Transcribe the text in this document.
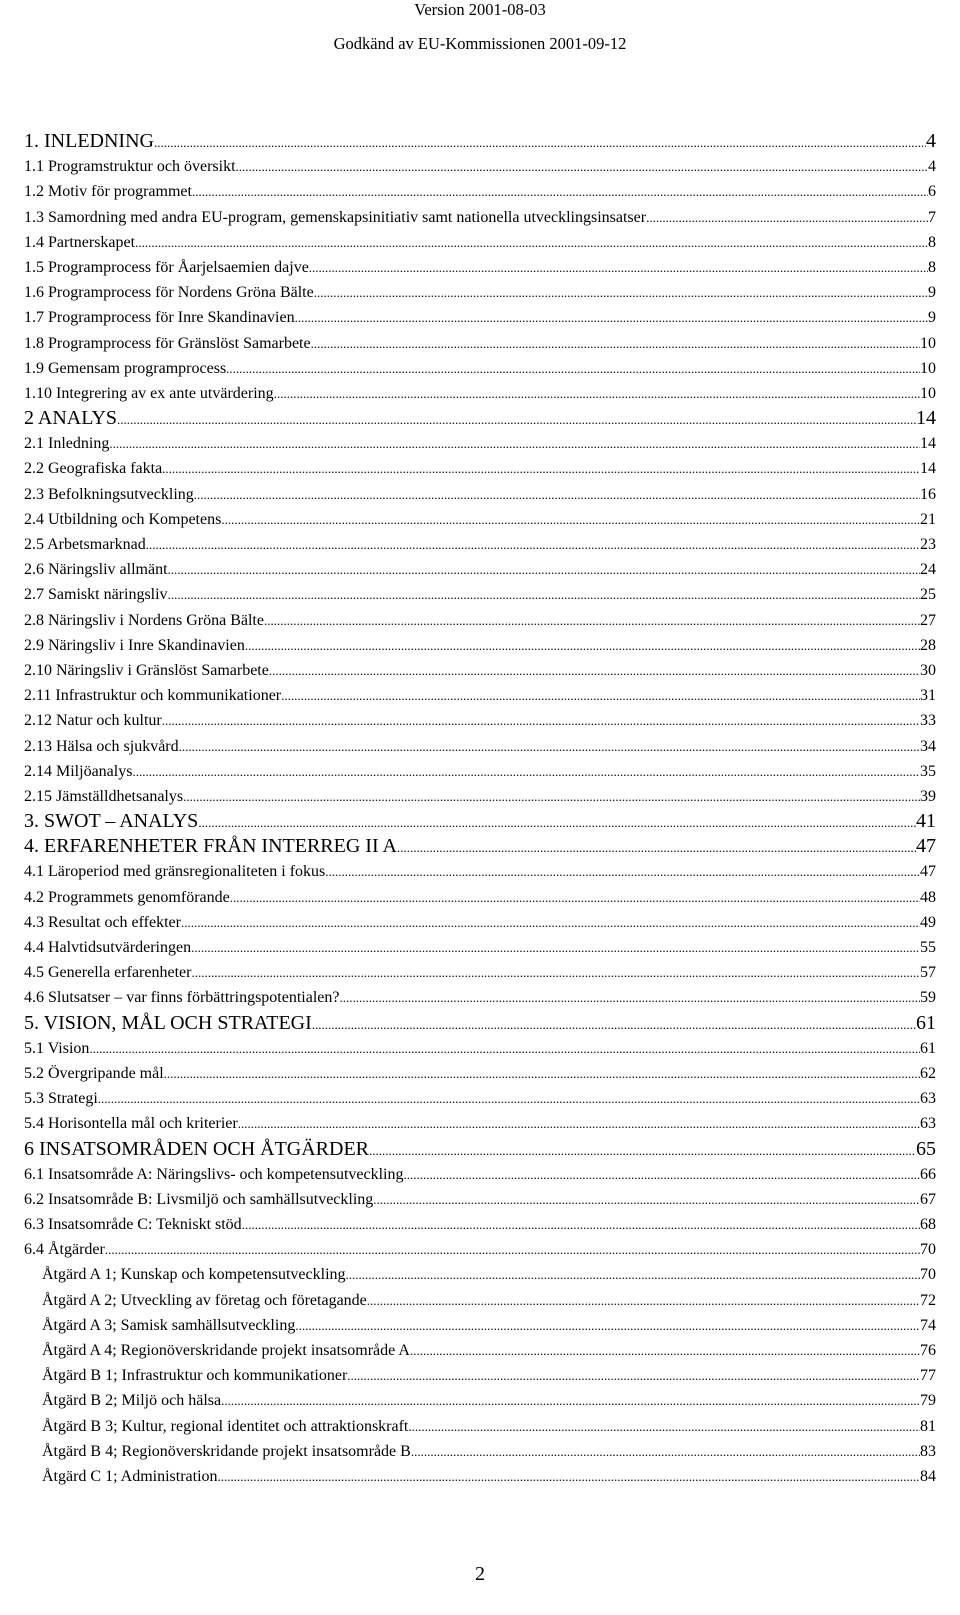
Version 2001-08-03
Godkänd av EU-Kommissionen 2001-09-12
1. INLEDNING .....	4
1.1 Programstruktur och översikt .....	4
1.2 Motiv för programmet .....	6
1.3 Samordning med andra EU-program, gemenskapsinitiativ samt nationella utvecklingsinsatser .....	7
1.4 Partnerskapet .....	8
1.5 Programprocess för Åarjelsaemien dajve .....	8
1.6 Programprocess för Nordens Gröna Bälte .....	9
1.7 Programprocess för Inre Skandinavien .....	9
1.8 Programprocess för Gränslöst Samarbete .....	10
1.9 Gemensam programprocess .....	10
1.10 Integrering av ex ante utvärdering .....	10
2 ANALYS .....	14
2.1 Inledning .....	14
2.2 Geografiska fakta .....	14
2.3 Befolkningsutveckling .....	16
2.4 Utbildning och Kompetens .....	21
2.5 Arbetsmarknad .....	23
2.6 Näringsliv allmänt .....	24
2.7 Samiskt näringsliv .....	25
2.8 Näringsliv i Nordens Gröna Bälte .....	27
2.9 Näringsliv i Inre Skandinavien .....	28
2.10 Näringsliv i Gränslöst Samarbete .....	30
2.11 Infrastruktur och kommunikationer .....	31
2.12 Natur och kultur .....	33
2.13 Hälsa och sjukvård .....	34
2.14 Miljöanalys .....	35
2.15 Jämställdhetsanalys .....	39
3. SWOT – ANALYS .....	41
4. ERFARENHETER FRÅN INTERREG II A .....	47
4.1 Läroperiod med gränsregionaliteten i fokus .....	47
4.2 Programmets genomförande .....	48
4.3 Resultat och effekter .....	49
4.4 Halvtidsutvärderingen .....	55
4.5 Generella erfarenheter .....	57
4.6 Slutsatser – var finns förbättringspotentialen? .....	59
5. VISION, MÅL OCH STRATEGI .....	61
5.1 Vision .....	61
5.2 Övergripande mål .....	62
5.3 Strategi .....	63
5.4 Horisontella mål och kriterier .....	63
6 INSATSOMRÅDEN OCH ÅTGÄRDER .....	65
6.1 Insatsområde A: Näringslivs- och kompetensutveckling .....	66
6.2 Insatsområde B: Livsmiljö och samhällsutveckling .....	67
6.3 Insatsområde C: Tekniskt stöd .....	68
6.4 Åtgärder .....	70
Åtgärd A 1; Kunskap och kompetensutveckling .....	70
Åtgärd A 2; Utveckling av företag och företagande .....	72
Åtgärd A 3; Samisk samhällsutveckling .....	74
Åtgärd A 4; Regionöverskridande projekt insatsområde A .....	76
Åtgärd B 1; Infrastruktur och kommunikationer .....	77
Åtgärd B 2; Miljö och hälsa .....	79
Åtgärd B 3; Kultur, regional identitet och attraktionskraft .....	81
Åtgärd B 4; Regionöverskridande projekt insatsområde B .....	83
Åtgärd C 1; Administration .....	84
2
